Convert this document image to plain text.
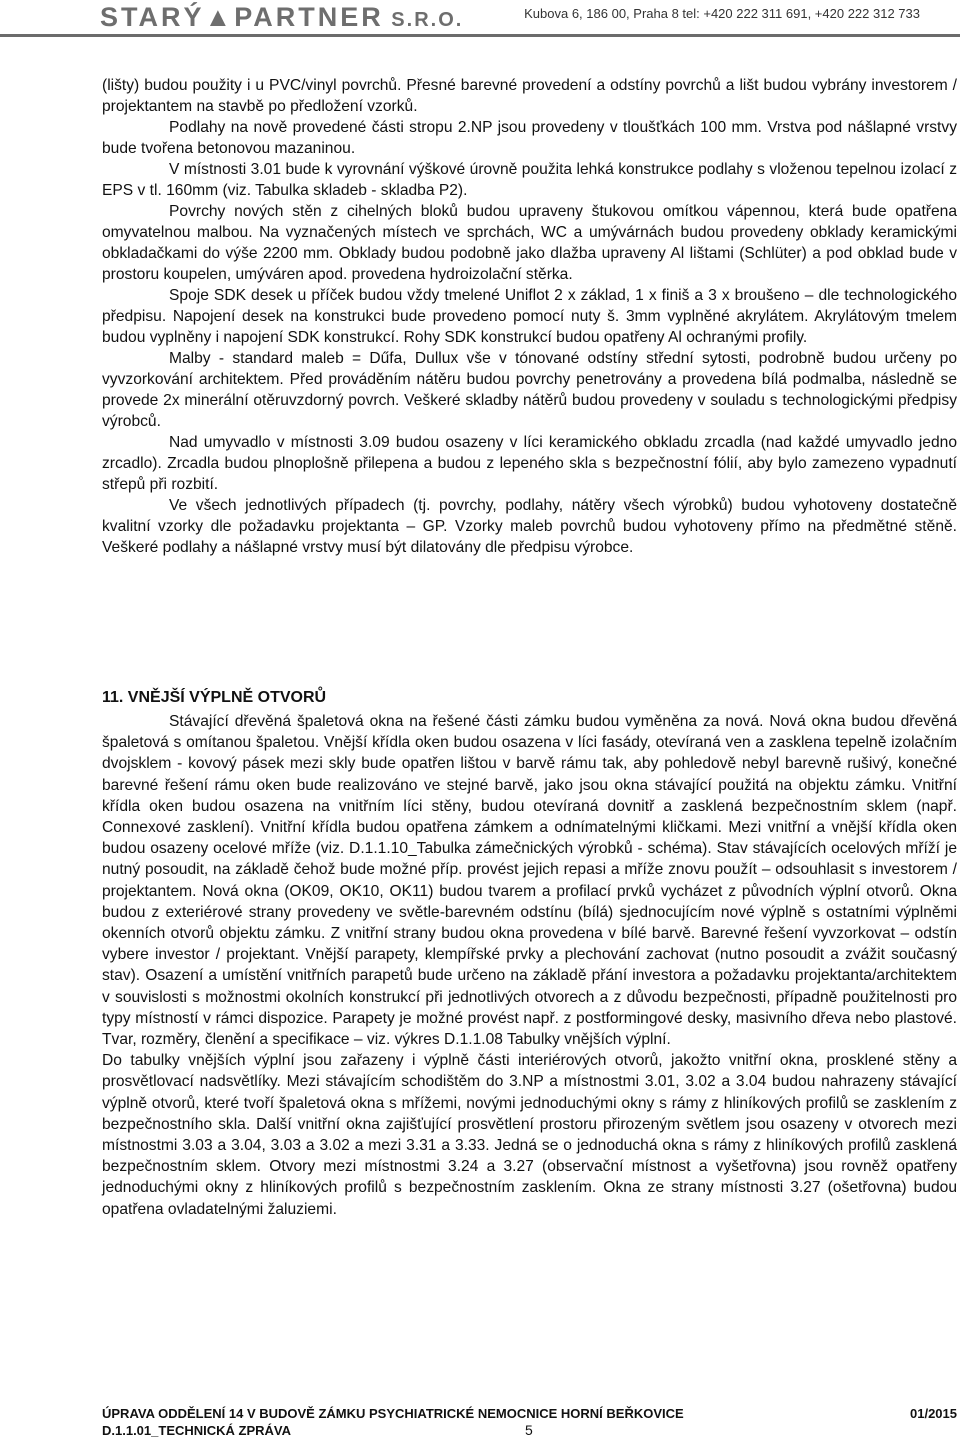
STARÝ▲PARTNER S.R.O.	Kubova 6, 186 00, Praha 8 tel: +420 222 311 691, +420 222 312 733

(lišty) budou použity i u PVC/vinyl povrchů. Přesné barevné provedení a odstíny povrchů a lišt budou vybrány investorem / projektantem na stavbě po předložení vzorků.

Podlahy na nově provedené části stropu 2.NP jsou provedeny v tloušťkách 100 mm. Vrstva pod nášlapné vrstvy bude tvořena betonovou mazaninou.

V místnosti 3.01 bude k vyrovnání výškové úrovně použita lehká konstrukce podlahy s vloženou tepelnou izolací z EPS v tl. 160mm (viz. Tabulka skladeb - skladba P2).

Povrchy nových stěn z cihelných bloků budou upraveny štukovou omítkou vápennou, která bude opatřena omyvatelnou malbou. Na vyznačených místech ve sprchách, WC a umývárnách budou provedeny obklady keramickými obkladačkami do výše 2200 mm. Obklady budou podobně jako dlažba upraveny Al lištami (Schlüter) a pod obklad bude v prostoru koupelen, umýváren apod. provedena hydroizolační stěrka.

Spoje SDK desek u příček budou vždy tmelené Uniflot 2 x základ, 1 x finiš a 3 x broušeno – dle technologického předpisu. Napojení desek na konstrukci bude provedeno pomocí nuty š. 3mm vyplněné akrylátem. Akrylátovým tmelem budou vyplněny i napojení SDK konstrukcí. Rohy SDK konstrukcí budou opatřeny Al ochranými profily.

Malby - standard maleb = Dűfa, Dullux vše v tónované odstíny střední sytosti, podrobně budou určeny po vyvzorkování architektem. Před prováděním nátěru budou povrchy penetrovány a provedena bílá podmalba, následně se provede 2x minerální otěruvzdorný povrch. Veškeré skladby nátěrů budou provedeny v souladu s technologickými předpisy výrobců.

Nad umyvadlo v místnosti 3.09 budou osazeny v líci keramického obkladu zrcadla (nad každé umyvadlo jedno zrcadlo). Zrcadla budou plnoplošně přilepena a budou z lepeného skla s bezpečnostní fólií, aby bylo zamezeno vypadnutí střepů při rozbití.

Ve všech jednotlivých případech (tj. povrchy, podlahy, nátěry všech výrobků) budou vyhotoveny dostatečně kvalitní vzorky dle požadavku projektanta – GP. Vzorky maleb povrchů budou vyhotoveny přímo na předmětné stěně. Veškeré podlahy a nášlapné vrstvy musí být dilatovány dle předpisu výrobce.

11. VNĚJŠÍ VÝPLNĚ OTVORŮ

Stávající dřevěná špaletová okna na řešené části zámku budou vyměněna za nová. Nová okna budou dřevěná špaletová s omítanou špaletou. Vnější křídla oken budou osazena v líci fasády, otevíraná ven a zasklena tepelně izolačním dvojsklem - kovový pásek mezi skly bude opatřen lištou v barvě rámu tak, aby pohledově nebyl barevně rušivý, konečné barevné řešení rámu oken bude realizováno ve stejné barvě, jako jsou okna stávající použitá na objektu zámku. Vnitřní křídla oken budou osazena na vnitřním líci stěny, budou otevíraná dovnitř a zasklená bezpečnostním sklem (např. Connexové zasklení). Vnitřní křídla budou opatřena zámkem a odnímatelnými kličkami. Mezi vnitřní a vnější křídla oken budou osazeny ocelové mříže (viz. D.1.1.10_Tabulka zámečnických výrobků - schéma). Stav stávajících ocelových mříží je nutný posoudit, na základě čehož bude možné příp. provést jejich repasi a mříže znovu použít – odsouhlasit s investorem / projektantem. Nová okna (OK09, OK10, OK11) budou tvarem a profilací prvků vycházet z původních výplní otvorů. Okna budou z exteriérové strany provedeny ve světle-barevném odstínu (bílá) sjednocujícím nové výplně s ostatními výplněmi okenních otvorů objektu zámku. Z vnitřní strany budou okna provedena v bílé barvě. Barevné řešení vyvzorkovat – odstín vybere investor / projektant. Vnější parapety, klempířské prvky a plechování zachovat (nutno posoudit a zvážit současný stav). Osazení a umístění vnitřních parapetů bude určeno na základě přání investora a požadavku projektanta/architektem v souvislosti s možnostmi okolních konstrukcí při jednotlivých otvorech a z důvodu bezpečnosti, případně použitelnosti pro typy místností v rámci dispozice. Parapety je možné provést např. z postformingové desky, masivního dřeva nebo plastové. Tvar, rozměry, členění a specifikace – viz. výkres D.1.1.08 Tabulky vnějších výplní.

Do tabulky vnějších výplní jsou zařazeny i výplně části interiérových otvorů, jakožto vnitřní okna, prosklené stěny a prosvětlovací nadsvětlíky. Mezi stávajícím schodištěm do 3.NP a místnostmi 3.01, 3.02 a 3.04 budou nahrazeny stávající výplně otvorů, které tvoří špaletová okna s mřížemi, novými jednoduchými okny s rámy z hliníkových profilů se zasklením z bezpečnostního skla. Další vnitřní okna zajišťující prosvětlení prostoru přirozeným světlem jsou osazeny v otvorech mezi místnostmi 3.03 a 3.04, 3.03 a 3.02 a mezi 3.31 a 3.33. Jedná se o jednoduchá okna s rámy z hliníkových profilů zasklená bezpečnostním sklem. Otvory mezi místnostmi 3.24 a 3.27 (observační místnost a vyšetřovna) jsou rovněž opatřeny jednoduchými okny z hliníkových profilů s bezpečnostním zasklením. Okna ze strany místnosti 3.27 (ošetřovna) budou opatřena ovladatelnými žaluziemi.

ÚPRAVA ODDĚLENÍ 14 V BUDOVĚ ZÁMKU PSYCHIATRICKÉ NEMOCNICE HORNÍ BEŘKOVICE	01/2015
D.1.1.01_TECHNICKÁ ZPRÁVA	5
